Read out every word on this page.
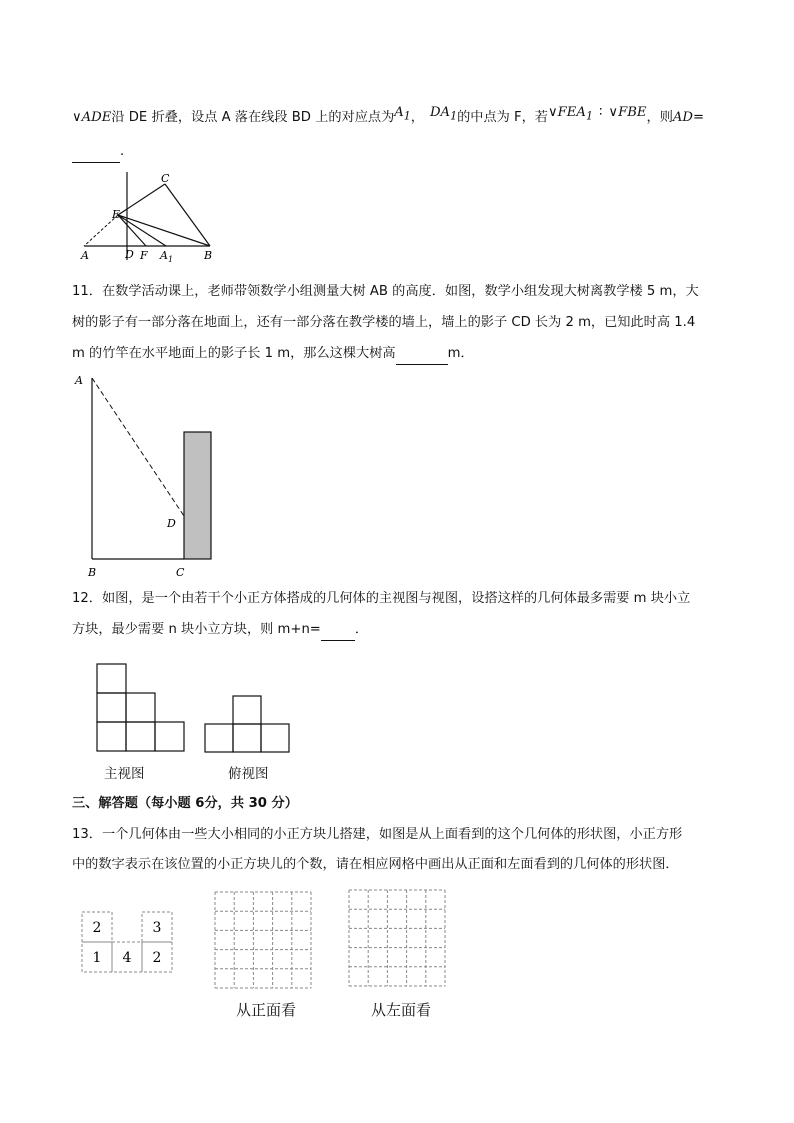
∨ADE沿 DE 折叠，设点 A 落在线段 BD 上的对应点为$A_1$， $DA_1$的中点为 F，若$\vee FEA_1$ ∶ ∨FBE，则AD=
.
C
E
A	D F $A_1$	B
11．在数学活动课上，老师带领数学小组测量大树 AB 的高度．如图，数学小组发现大树离教学楼 5 m，大
树的影子有一部分落在地面上，还有一部分落在教学楼的墙上，墙上的影子 CD 长为 2 m，已知此时高 1.4
m 的竹竿在水平地面上的影子长 1 m，那么这棵大树高	m．
A
B	C
D
12．如图，是一个由若干个小正方体搭成的几何体的主视图与视图，设搭这样的几何体最多需要 m 块小立
方块，最少需要 n 块小立方块，则 m+n=	．
主视图	俯视图
三、解答题（每小题 6分，共 30 分）
13．一个几何体由一些大小相同的小正方块儿搭建，如图是从上面看到的这个几何体的形状图，小正方形
中的数字表示在该位置的小正方块儿的个数，请在相应网格中画出从正面和左面看到的几何体的形状图．
2	3
1 4 2
从正面看	从左面看
